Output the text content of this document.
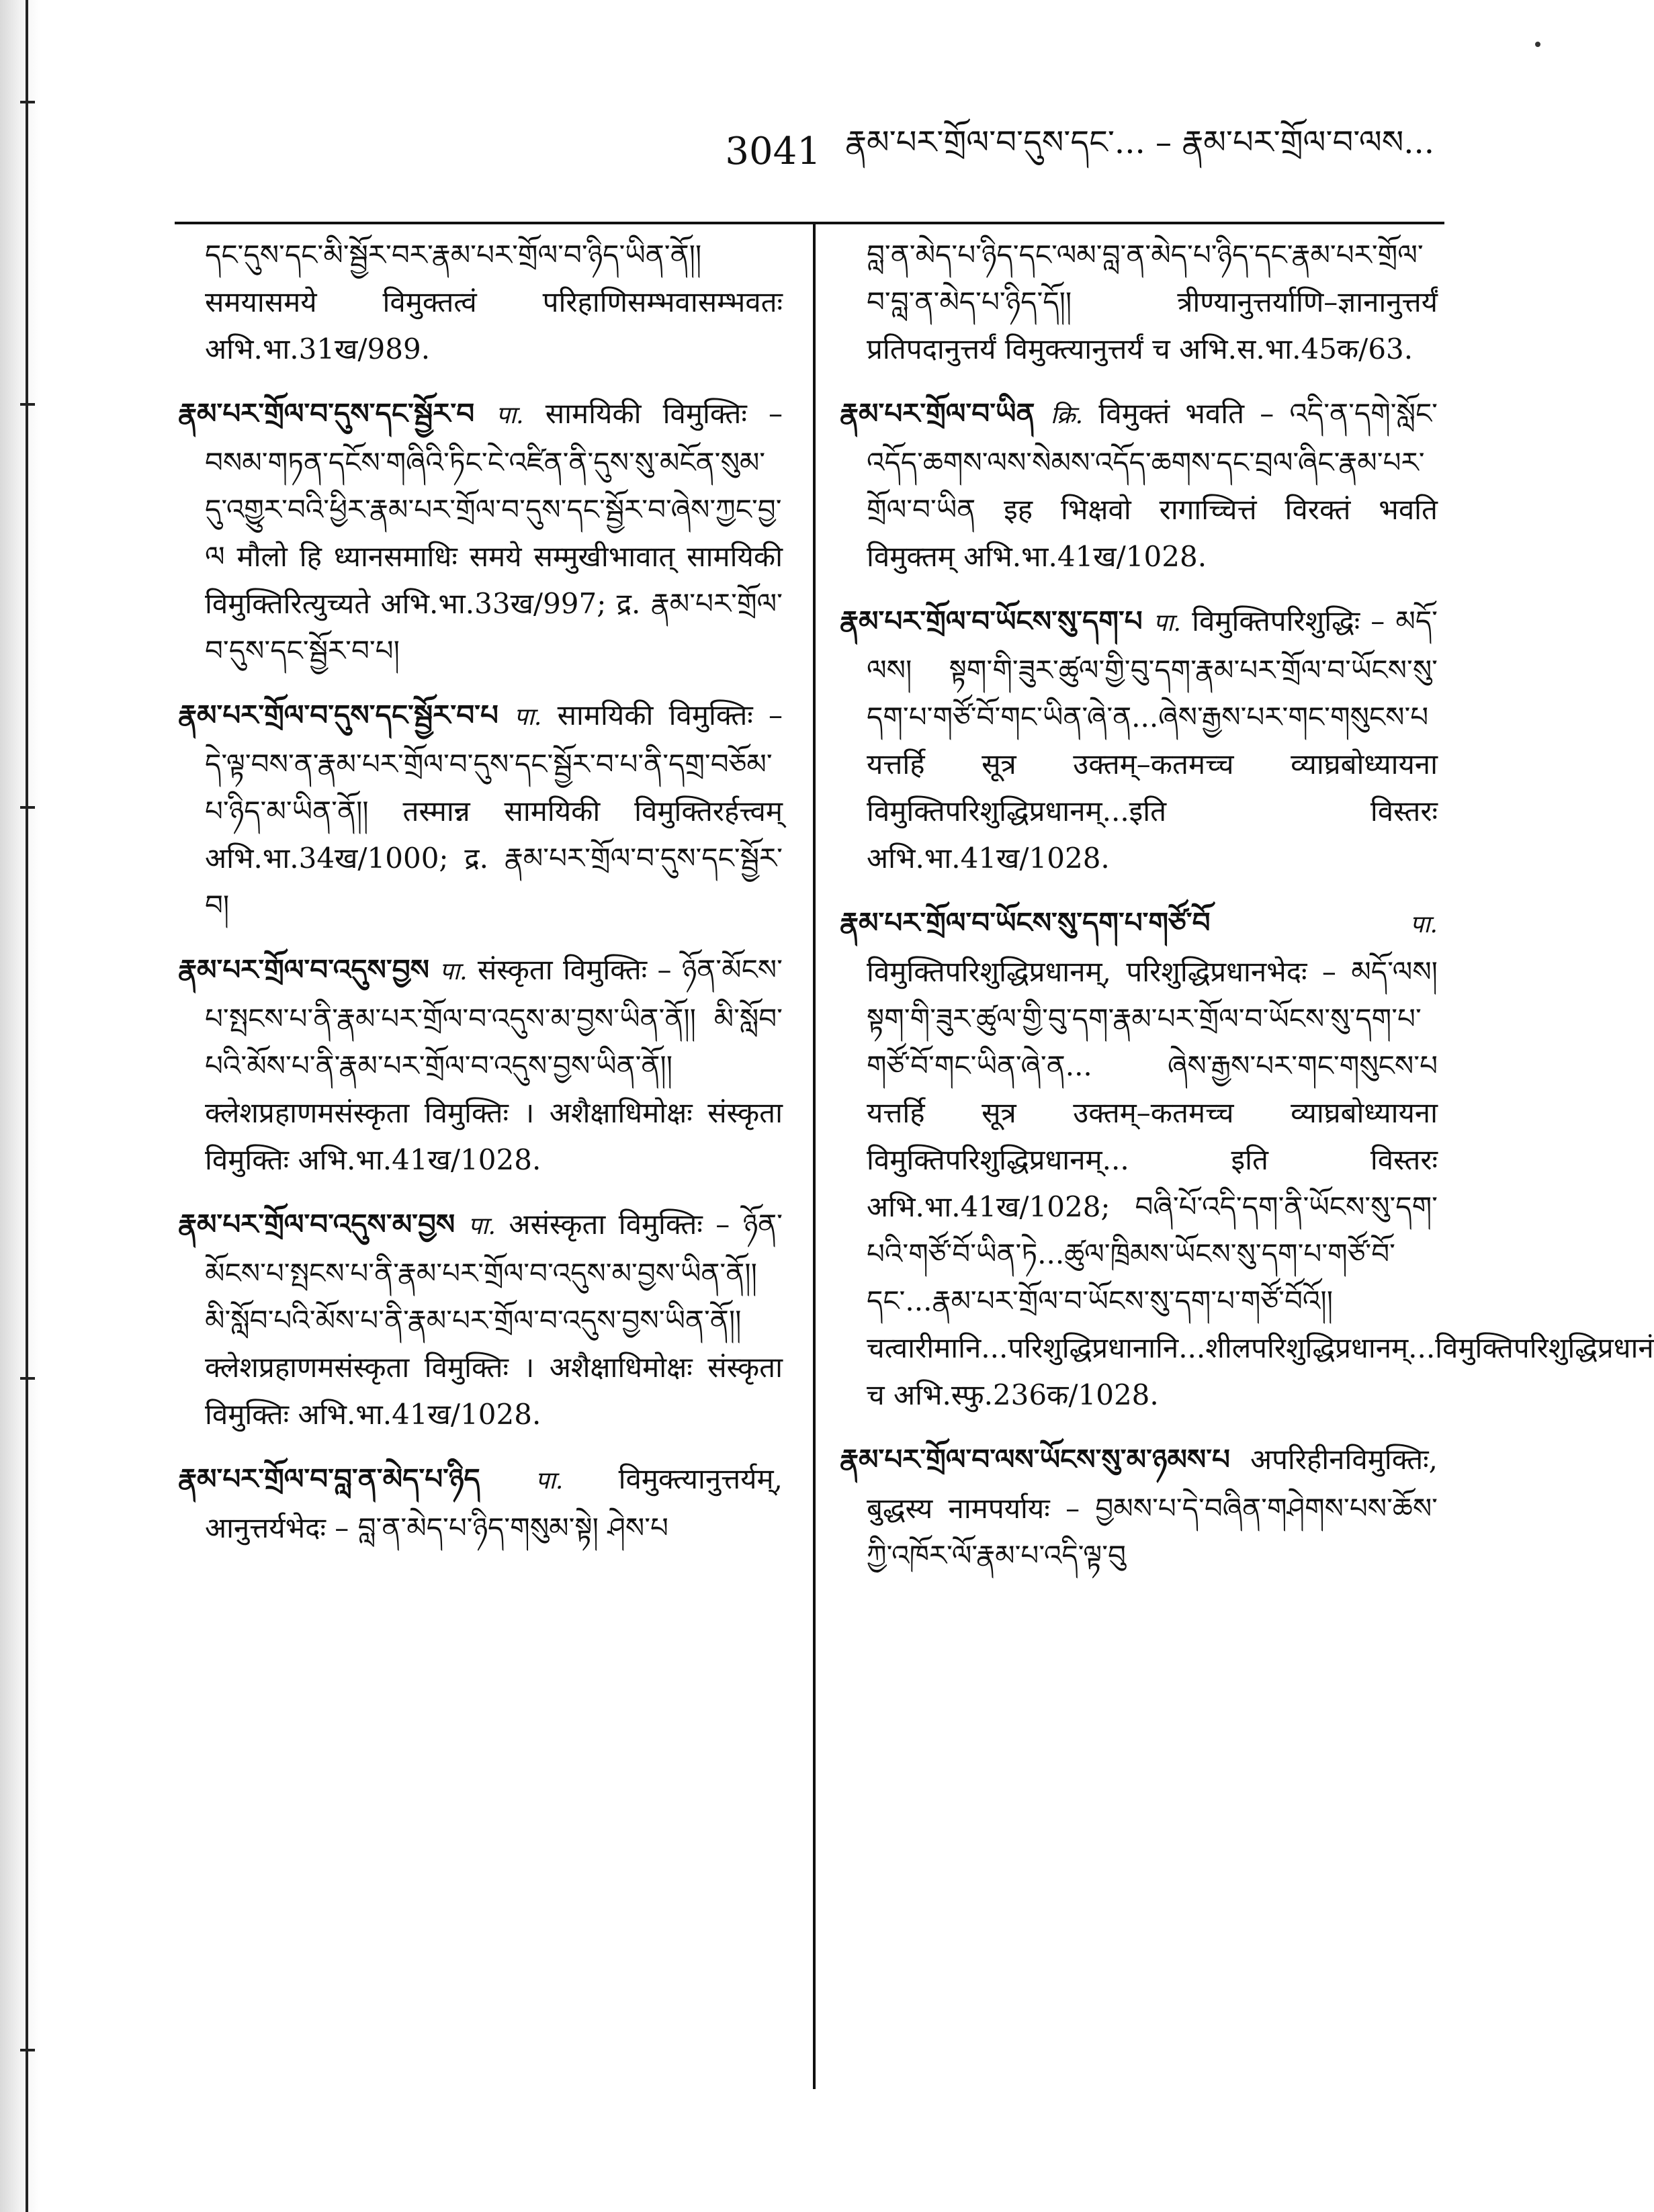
3041 རྣམ་པར་གྲོལ་བ་དུས་དང་... – རྣམ་པར་གྲོལ་བ་ལས...

དང་དུས་དང་མི་སྦྱོར་བར་རྣམ་པར་གྲོལ་བ་ཉིད་ཡིན་ནོ།། समयासमये विमुक्तत्वं परिहाणिसम्भवासम्भवतः अभि.भा.31ख/989.

རྣམ་པར་གྲོལ་བ་དུས་དང་སྦྱོར་བ पा. सामयिकी विमुक्तिः – བསམ་གཏན་དངོས་གཞིའི་ཏིང་ངེ་འཛིན་ནི་དུས་སུ་མངོན་སུམ་དུ་འགྱུར་བའི་ཕྱིར་རྣམ་པར་གྲོལ་བ་དུས་དང་སྦྱོར་བ་ཞེས་ཀྱང་བྱ་ལ मौलो हि ध्यानसमाधिः समये सम्मुखीभावात् सामयिकी विमुक्तिरित्युच्यते अभि.भा.33ख/997; द्र. རྣམ་པར་གྲོལ་བ་དུས་དང་སྦྱོར་བ་པ།

རྣམ་པར་གྲོལ་བ་དུས་དང་སྦྱོར་བ་པ पा. सामयिकी विमुक्तिः – དེ་ལྟ་བས་ན་རྣམ་པར་གྲོལ་བ་དུས་དང་སྦྱོར་བ་པ་ནི་དགྲ་བཅོམ་པ་ཉིད་མ་ཡིན་ནོ།། तस्मान्न सामयिकी विमुक्तिरर्हत्त्वम् अभि.भा.34ख/1000; द्र. རྣམ་པར་གྲོལ་བ་དུས་དང་སྦྱོར་བ།

རྣམ་པར་གྲོལ་བ་འདུས་བྱས पा. संस्कृता विमुक्तिः – ཉོན་མོངས་པ་སྤངས་པ་ནི་རྣམ་པར་གྲོལ་བ་འདུས་མ་བྱས་ཡིན་ནོ།། མི་སློབ་པའི་མོས་པ་ནི་རྣམ་པར་གྲོལ་བ་འདུས་བྱས་ཡིན་ནོ།། क्लेशप्रहाणमसंस्कृता विमुक्तिः । अशैक्षाधिमोक्षः संस्कृता विमुक्तिः अभि.भा.41ख/1028.

རྣམ་པར་གྲོལ་བ་འདུས་མ་བྱས पा. असंस्कृता विमुक्तिः – ཉོན་མོངས་པ་སྤངས་པ་ནི་རྣམ་པར་གྲོལ་བ་འདུས་མ་བྱས་ཡིན་ནོ།། མི་སློབ་པའི་མོས་པ་ནི་རྣམ་པར་གྲོལ་བ་འདུས་བྱས་ཡིན་ནོ།། क्लेशप्रहाणमसंस्कृता विमुक्तिः । अशैक्षाधिमोक्षः संस्कृता विमुक्तिः अभि.भा.41ख/1028.

རྣམ་པར་གྲོལ་བ་བླ་ན་མེད་པ་ཉིད पा. विमुक्त्यानुत्तर्यम्, आनुत्तर्यभेदः – བླ་ན་མེད་པ་ཉིད་གསུམ་སྟེ། ཤེས་པ

བླ་ན་མེད་པ་ཉིད་དང་ལམ་བླ་ན་མེད་པ་ཉིད་དང་རྣམ་པར་གྲོལ་བ་བླ་ན་མེད་པ་ཉིད་དོ།། त्रीण्यानुत्तर्याणि–ज्ञानानुत्तर्यं प्रतिपदानुत्तर्यं विमुक्त्यानुत्तर्यं च अभि.स.भा.45क/63.

རྣམ་པར་གྲོལ་བ་ཡིན क्रि. विमुक्तं भवति – འདི་ན་དགེ་སློང་འདོད་ཆགས་ལས་སེམས་འདོད་ཆགས་དང་བྲལ་ཞིང་རྣམ་པར་གྲོལ་བ་ཡིན इह भिक्षवो रागाच्चित्तं विरक्तं भवति विमुक्तम् अभि.भा.41ख/1028.

རྣམ་པར་གྲོལ་བ་ཡོངས་སུ་དག་པ पा. विमुक्तिपरिशुद्धिः – མདོ་ལས། སྟག་གི་ཟུར་ཚུལ་གྱི་བུ་དག་རྣམ་པར་གྲོལ་བ་ཡོངས་སུ་དག་པ་གཙོ་བོ་གང་ཡིན་ཞེ་ན...ཞེས་རྒྱས་པར་གང་གསུངས་པ यत्तर्हि सूत्र उक्तम्–कतमच्च व्याघ्रबोध्यायना विमुक्तिपरिशुद्धिप्रधानम्...इति विस्तरः अभि.भा.41ख/1028.

རྣམ་པར་གྲོལ་བ་ཡོངས་སུ་དག་པ་གཙོ་བོ	पा. विमुक्तिपरिशुद्धिप्रधानम्, परिशुद्धिप्रधानभेदः – མདོ་ལས། སྟག་གི་ཟུར་ཚུལ་གྱི་བུ་དག་རྣམ་པར་གྲོལ་བ་ཡོངས་སུ་དག་པ་གཙོ་བོ་གང་ཡིན་ཞེ་ན... ཞེས་རྒྱས་པར་གང་གསུངས་པ यत्तर्हि सूत्र उक्तम्–कतमच्च व्याघ्रबोध्यायना विमुक्तिपरिशुद्धिप्रधानम्... इति विस्तरः अभि.भा.41ख/1028; བཞི་པོ་འདི་དག་ནི་ཡོངས་སུ་དག་པའི་གཙོ་བོ་ཡིན་ཏེ...ཚུལ་ཁྲིམས་ཡོངས་སུ་དག་པ་གཙོ་བོ་དང་...རྣམ་པར་གྲོལ་བ་ཡོངས་སུ་དག་པ་གཙོ་བོའོ།། चत्वारीमानि...परिशुद्धिप्रधानानि...शीलपरिशुद्धिप्रधानम्...विमुक्तिपरिशुद्धिप्रधानं च अभि.स्फु.236क/1028.

རྣམ་པར་གྲོལ་བ་ལས་ཡོངས་སུ་མ་ཉམས་པ अपरिहीनविमुक्तिः, बुद्धस्य नामपर्यायः – བྱམས་པ་དེ་བཞིན་གཤེགས་པས་ཆོས་ཀྱི་འཁོར་ལོ་རྣམ་པ་འདི་ལྟ་བུ
